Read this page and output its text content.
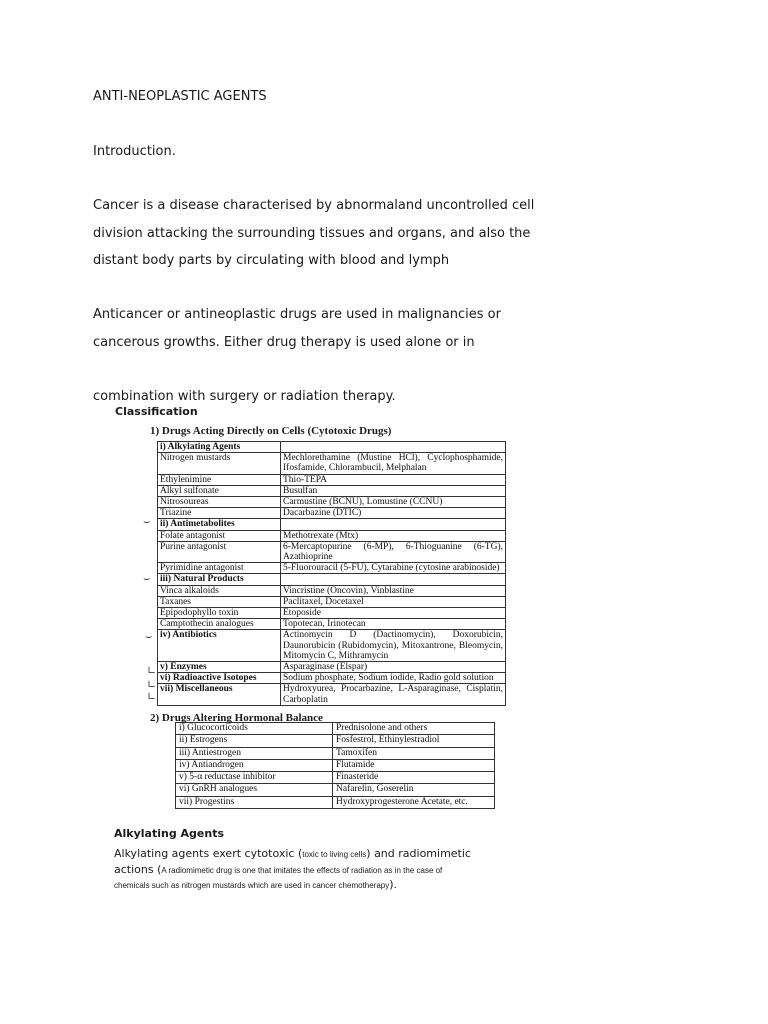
ANTI-NEOPLASTIC AGENTS
Introduction.
Cancer is a disease characterised by abnormaland uncontrolled cell
division attacking the surrounding tissues and organs, and also the
distant body parts by circulating with blood and lymph
Anticancer or antineoplastic drugs are used in malignancies or
cancerous growths. Either drug therapy is used alone or in
combination with surgery or radiation therapy.
Classification
1) Drugs Acting Directly on Cells (Cytotoxic Drugs)
i) Alkylating Agents	
Nitrogen mustards	Mechlorethamine (Mustine HCl), Cyclophosphamide, Ifosfamide, Chlorambucil, Melphalan
Ethylenimine	Thio-TEPA
Alkyl sulfonate	Busulfan
Nitrosoureas	Carmustine (BCNU), Lomustine (CCNU)
Triazine	Dacarbazine (DTIC)
ii) Antimetabolites	
Folate antagonist	Methotrexate (Mtx)
Purine antagonist	6-Mercaptopurine (6-MP), 6-Thioguanine (6-TG), Azathioprine
Pyrimidine antagonist	5-Fluorouracil (5-FU), Cytarabine (cytosine arabinoside)
iii) Natural Products	
Vinca alkaloids	Vincristine (Oncovin), Vinblastine
Taxanes	Paclitaxel, Docetaxel
Epipodophyllo toxin	Etoposide
Camptothecin analogues	Topotecan, Irinotecan
iv) Antibiotics	Actinomycin D (Dactinomycin), Doxorubicin, Daunorubicin (Rubidomycin), Mitoxantrone, Bleomycin, Mitomycin C, Mithramycin
v) Enzymes	Asparaginase (Elspar)
vi) Radioactive Isotopes	Sodium phosphate, Sodium iodide, Radio gold solution
vii) Miscellaneous	Hydroxyurea, Procarbazine, L-Asparaginase, Cisplatin, Carboplatin
⌣
⌣
⌣
∟
∟
∟
2) Drugs Altering Hormonal Balance
i) Glucocorticoids	Prednisolone and others
ii) Estrogens	Fosfestrol, Ethinylestradiol
iii) Antiestrogen	Tamoxifen
iv) Antiandrogen	Flutamide
v) 5-α reductase inhibitor	Finasteride
vi) GnRH analogues	Nafarelin, Goserelin
vii) Progestins	Hydroxyprogesterone Acetate, etc.
Alkylating Agents
Alkylating agents exert cytotoxic (toxic to living cells) and radiomimetic
actions (A radiomimetic drug is one that imitates the effects of radiation as in the case of
chemicals such as nitrogen mustards which are used in cancer chemotherapy).
